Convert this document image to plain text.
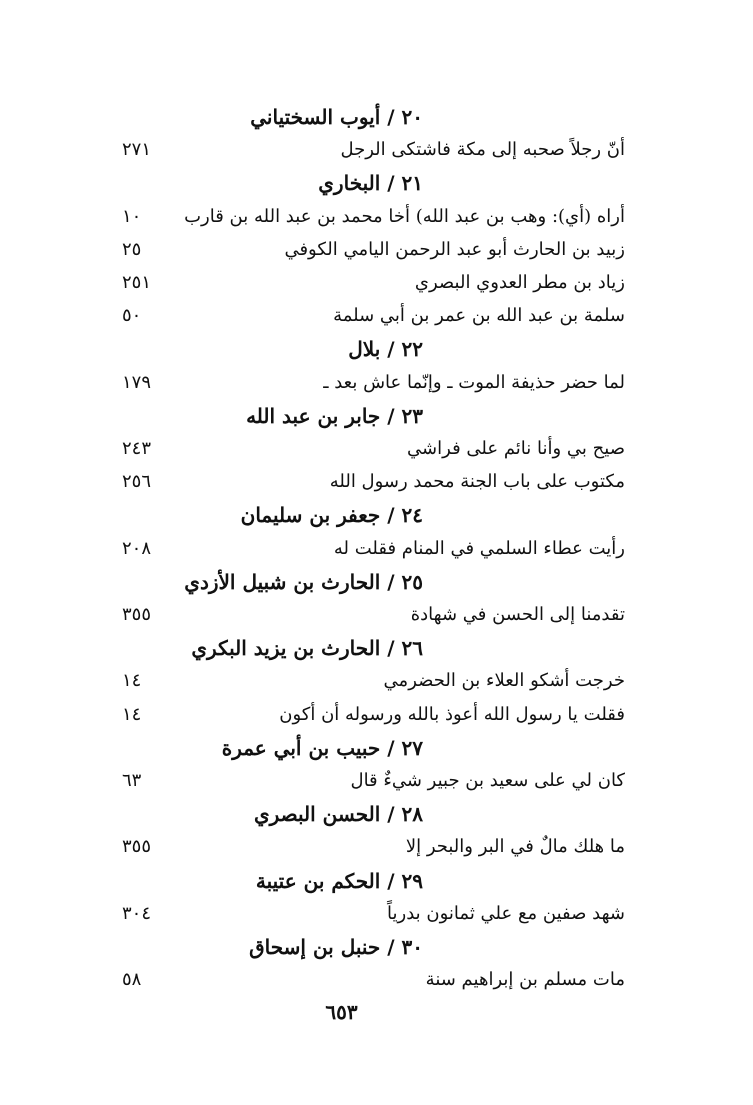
٢٠ / أيوب السختياني
أنّ رجلاً صحبه إلى مكة فاشتكى الرجل
٢٧١
٢١ / البخاري
أراه (أي): وهب بن عبد الله) أخا محمد بن عبد الله بن قارب
١٠
زبيد بن الحارث أبو عبد الرحمن اليامي الكوفي
٢٥
زياد بن مطر العدوي البصري
٢٥١
سلمة بن عبد الله بن عمر بن أبي سلمة
٥٠
٢٢ / بلال
لما حضر حذيفة الموت ـ وإنّما عاش بعد ـ
١٧٩
٢٣ / جابر بن عبد الله
صيح بي وأنا نائم على فراشي
٢٤٣
مكتوب على باب الجنة محمد رسول الله
٢٥٦
٢٤ / جعفر بن سليمان
رأيت عطاء السلمي في المنام فقلت له
٢٠٨
٢٥ / الحارث بن شبيل الأزدي
تقدمنا إلى الحسن في شهادة
٣٥٥
٢٦ / الحارث بن يزيد البكري
خرجت أشكو العلاء بن الحضرمي
١٤
فقلت يا رسول الله أعوذ بالله ورسوله أن أكون
١٤
٢٧ / حبيب بن أبي عمرة
كان لي على سعيد بن جبير شيءٌ قال
٦٣
٢٨ / الحسن البصري
ما هلك مالٌ في البر والبحر إلا
٣٥٥
٢٩ / الحكم بن عتيبة
شهد صفين مع علي ثمانون بدرياً
٣٠٤
٣٠ / حنبل بن إسحاق
مات مسلم بن إبراهيم سنة
٥٨
٦٥٣
